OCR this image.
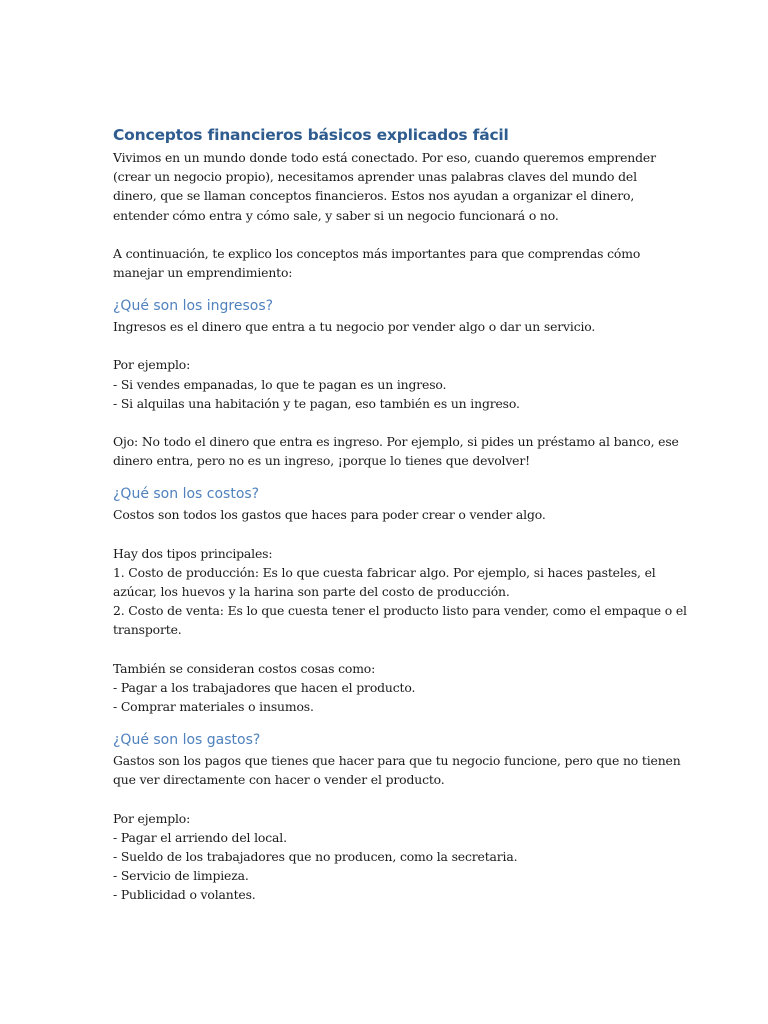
Conceptos financieros básicos explicados fácil

Vivimos en un mundo donde todo está conectado. Por eso, cuando queremos emprender
(crear un negocio propio), necesitamos aprender unas palabras claves del mundo del
dinero, que se llaman conceptos financieros. Estos nos ayudan a organizar el dinero,
entender cómo entra y cómo sale, y saber si un negocio funcionará o no.

A continuación, te explico los conceptos más importantes para que comprendas cómo
manejar un emprendimiento:

¿Qué son los ingresos?

Ingresos es el dinero que entra a tu negocio por vender algo o dar un servicio.

Por ejemplo:
- Si vendes empanadas, lo que te pagan es un ingreso.
- Si alquilas una habitación y te pagan, eso también es un ingreso.

Ojo: No todo el dinero que entra es ingreso. Por ejemplo, si pides un préstamo al banco, ese
dinero entra, pero no es un ingreso, ¡porque lo tienes que devolver!

¿Qué son los costos?

Costos son todos los gastos que haces para poder crear o vender algo.

Hay dos tipos principales:
1. Costo de producción: Es lo que cuesta fabricar algo. Por ejemplo, si haces pasteles, el
azúcar, los huevos y la harina son parte del costo de producción.
2. Costo de venta: Es lo que cuesta tener el producto listo para vender, como el empaque o el
transporte.

También se consideran costos cosas como:
- Pagar a los trabajadores que hacen el producto.
- Comprar materiales o insumos.

¿Qué son los gastos?

Gastos son los pagos que tienes que hacer para que tu negocio funcione, pero que no tienen
que ver directamente con hacer o vender el producto.

Por ejemplo:
- Pagar el arriendo del local.
- Sueldo de los trabajadores que no producen, como la secretaria.
- Servicio de limpieza.
- Publicidad o volantes.
